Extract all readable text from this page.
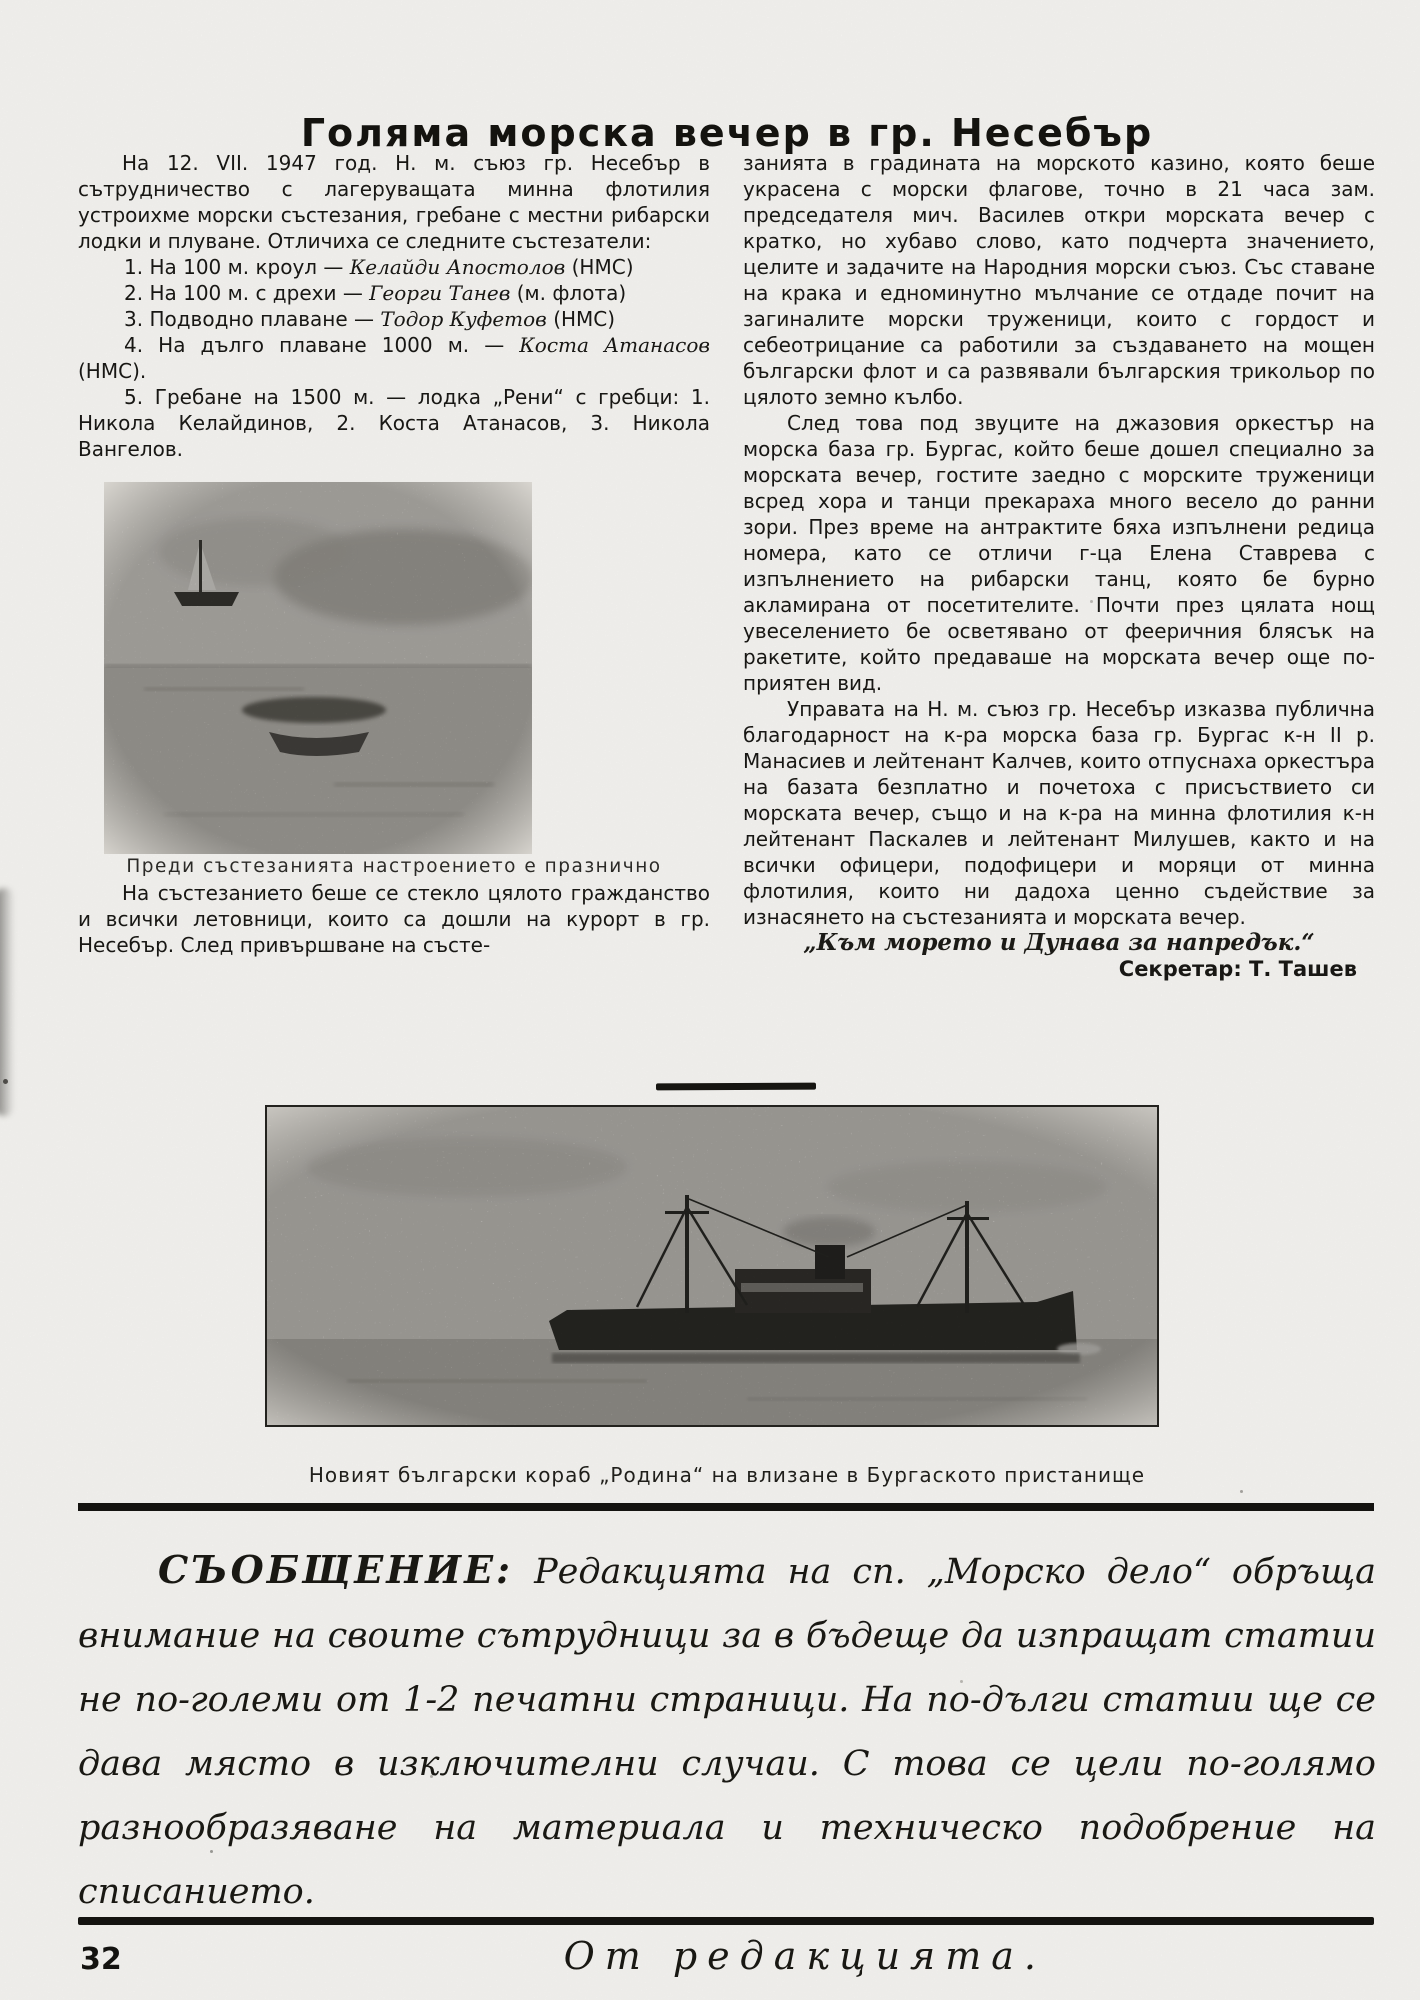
Голяма морска вечер в гр. Несебър

На 12. VII. 1947 год. Н. м. съюз гр. Несебър в сътрудничество с лагеруващата минна флотилия устроихме морски състезания, гребане с местни рибарски лодки и плуване. Отличиха се следните състезатели:

1. На 100 м. кроул — Келайди Апостолов (НМС)
2. На 100 м. с дрехи — Георги Танев (м. флота)
3. Подводно плаване — Тодор Куфетов (НМС)
4. На дълго плаване 1000 м. — Коста Атанасов (НМС).
5. Гребане на 1500 м. — лодка „Рени“ с гребци: 1. Никола Келайдинов, 2. Коста Атанасов, 3. Никола Вангелов.

Преди състезанията настроението е празнично

На състезанието беше се стекло цялото гражданство и всички летовници, които са дошли на курорт в гр. Несебър. След привършване на състе-

занията в градината на морското казино, която беше украсена с морски флагове, точно в 21 часа зам. председателя мич. Василев откри морската вечер с кратко, но хубаво слово, като подчерта значението, целите и задачите на Народния морски съюз. Със ставане на крака и едноминутно мълчание се отдаде почит на загиналите морски труженици, които с гордост и себеотрицание са работили за създаването на мощен български флот и са развявали българския трикольор по цялото земно кълбо.

След това под звуците на джазовия оркестър на морска база гр. Бургас, който беше дошел специално за морската вечер, гостите заедно с морските труженици всред хора и танци прекараха много весело до ранни зори. През време на антрактите бяха изпълнени редица номера, като се отличи г-ца Елена Ставрева с изпълнението на рибарски танц, която бе бурно акламирана от посетителите. Почти през цялата нощ увеселението бе осветявано от фееричния блясък на ракетите, който предаваше на морската вечер още по-приятен вид.

Управата на Н. м. съюз гр. Несебър изказва публична благодарност на к-ра морска база гр. Бургас к-н II р. Манасиев и лейтенант Калчев, които отпуснаха оркестъра на базата безплатно и почетоха с присъствието си морската вечер, също и на к-ра на минна флотилия к-н лейтенант Паскалев и лейтенант Милушев, както и на всички офицери, подофицери и моряци от минна флотилия, които ни дадоха ценно съдействие за изнасянето на състезанията и морската вечер.

„Към морето и Дунава за напредък.“

Секретар: Т. Ташев

Новият български кораб „Родина“ на влизане в Бургаското пристанище

СЪОБЩЕНИЕ: Редакцията на сп. „Морско дело“ обръща внимание на своите сътрудници за в бъдеще да изпращат статии не по-големи от 1-2 печатни страници. На по-дълги статии ще се дава място в изключителни случаи. С това се цели по-голямо разнообразяване на материала и техническо подобрение на списанието.

От редакцията.

32
